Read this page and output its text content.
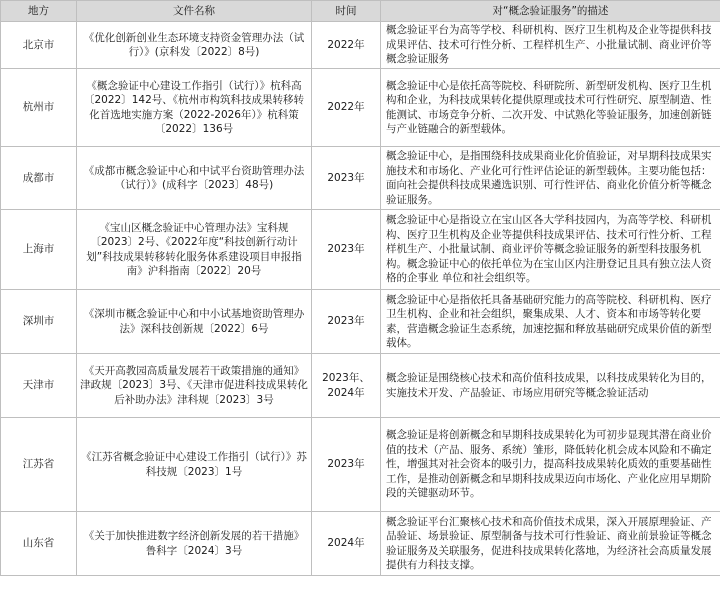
地方	文件名称	时间	对“概念验证服务”的描述
北京市	《优化创新创业生态环境支持资金管理办法（试行）》(京科发〔2022〕8号)	2022年	概念验证平台为高等学校、科研机构、医疗卫生机构及企业等提供科技成果评估、技术可行性分析、工程样机生产、小批量试制、商业评价等概念验证服务
杭州市	《概念验证中心建设工作指引（试行）》杭科高〔2022〕142号、《杭州市构筑科技成果转移转化首选地实施方案（2022-2026年）》杭科策〔2022〕136号	2022年	概念验证中心是依托高等院校、科研院所、新型研发机构、医疗卫生机构和企业，为科技成果转化提供原理或技术可行性研究、原型制造、性能测试、市场竞争分析、二次开发、中试熟化等验证服务，加速创新链与产业链融合的新型载体。
成都市	《成都市概念验证中心和中试平台资助管理办法（试行）》(成科字〔2023〕48号)	2023年	概念验证中心，是指围绕科技成果商业化价值验证，对早期科技成果实施技术和市场化、产业化可行性评估论证的新型载体。主要功能包括：面向社会提供科技成果遴选识别、可行性评估、商业化价值分析等概念验证服务。
上海市	《宝山区概念验证中心管理办法》宝科规〔2023〕2号、《2022年度“科技创新行动计划”科技成果转移转化服务体系建设项目申报指南》沪科指南〔2022〕20号	2023年	概念验证中心是指设立在宝山区各大学科技园内，为高等学校、科研机构、医疗卫生机构及企业等提供科技成果评估、技术可行性分析、工程样机生产、小批量试制、商业评价等概念验证服务的新型科技服务机构。概念验证中心的依托单位为在宝山区内注册登记且具有独立法人资格的企事业 单位和社会组织等。
深圳市	《深圳市概念验证中心和中小试基地资助管理办法》深科技创新规〔2022〕6号	2023年	概念验证中心是指依托具备基础研究能力的高等院校、科研机构、医疗卫生机构、企业和社会组织，聚集成果、人才、资本和市场等转化要素，营造概念验证生态系统，加速挖掘和释放基础研究成果价值的新型载体。
天津市	《天开高教园高质量发展若干政策措施的通知》津政规〔2023〕3号、《天津市促进科技成果转化后补助办法》津科规〔2023〕3号	2023年、2024年	概念验证是围绕核心技术和高价值科技成果，以科技成果转化为目的，实施技术开发、产品验证、市场应用研究等概念验证活动
江苏省	《江苏省概念验证中心建设工作指引（试行）》苏科技规〔2023〕1号	2023年	概念验证是将创新概念和早期科技成果转化为可初步显现其潜在商业价值的技术（产品、服务、系统）雏形，降低转化机会成本风险和不确定性，增强其对社会资本的吸引力，提高科技成果转化质效的重要基础性工作，是推动创新概念和早期科技成果迈向市场化、产业化应用早期阶段的关键驱动环节。
山东省	《关于加快推进数字经济创新发展的若干措施》鲁科字〔2024〕3号	2024年	概念验证平台汇聚核心技术和高价值技术成果，深入开展原理验证、产品验证、场景验证、原型制备与技术可行性验证、商业前景验证等概念验证服务及关联服务，促进科技成果转化落地，为经济社会高质量发展提供有力科技支撑。
